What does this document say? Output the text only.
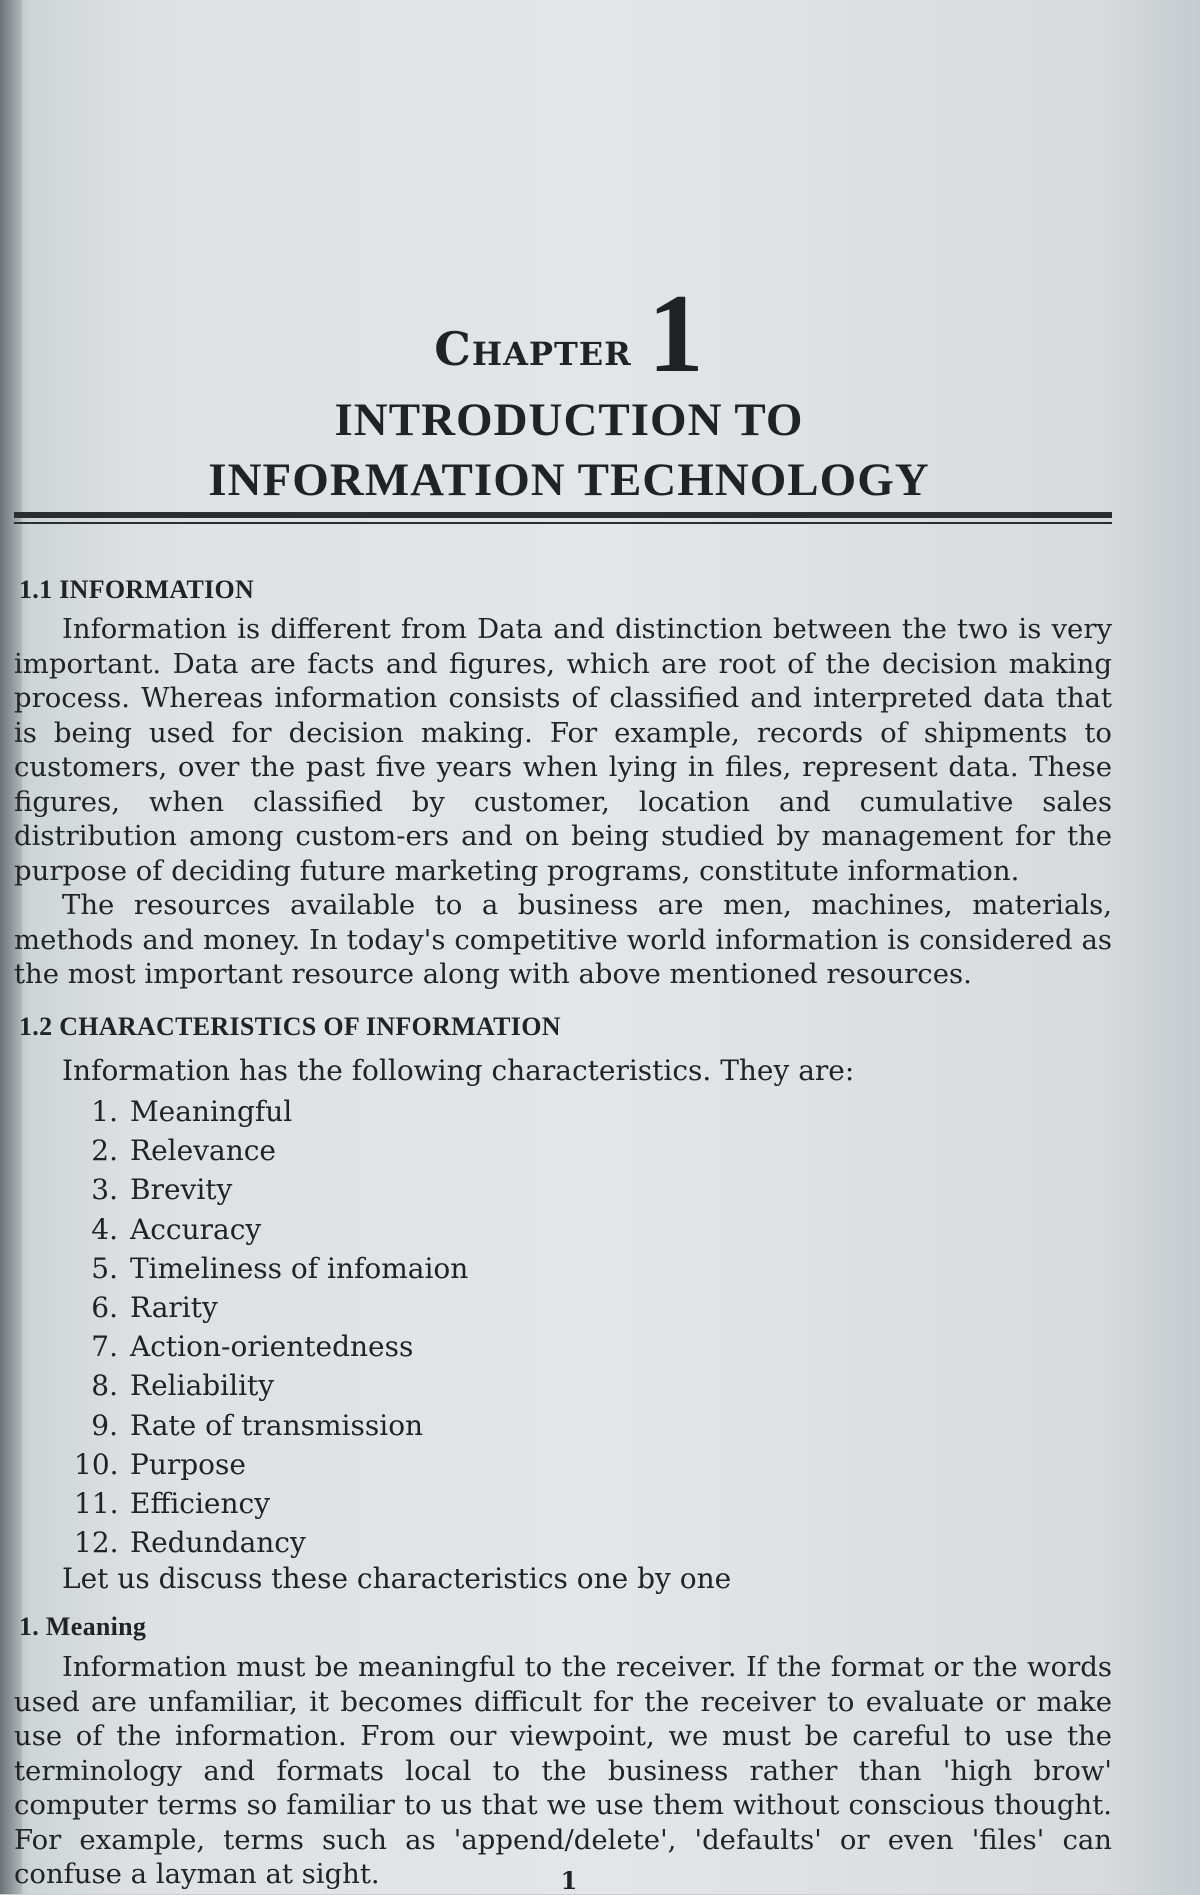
Chapter 1
INTRODUCTION TO
INFORMATION TECHNOLOGY
1.1 INFORMATION
Information is different from Data and distinction between the two is very important. Data are facts and figures, which are root of the decision making process. Whereas information consists of classified and interpreted data that is being used for decision making. For example, records of shipments to customers, over the past five years when lying in files, represent data. These figures, when classified by customer, location and cumulative sales distribution among custom-ers and on being studied by management for the purpose of deciding future marketing programs, constitute information.
The resources available to a business are men, machines, materials, methods and money. In today's competitive world information is considered as the most important resource along with above mentioned resources.
1.2 CHARACTERISTICS OF INFORMATION
Information has the following characteristics. They are:
1. Meaningful
2. Relevance
3. Brevity
4. Accuracy
5. Timeliness of infomaion
6. Rarity
7. Action-orientedness
8. Reliability
9. Rate of transmission
10. Purpose
11. Efficiency
12. Redundancy
Let us discuss these characteristics one by one
1. Meaning
Information must be meaningful to the receiver. If the format or the words used are unfamiliar, it becomes difficult for the receiver to evaluate or make use of the information. From our viewpoint, we must be careful to use the terminology and formats local to the business rather than 'high brow' computer terms so familiar to us that we use them without conscious thought. For example, terms such as 'append/delete', 'defaults' or even 'files' can confuse a layman at sight.	1
